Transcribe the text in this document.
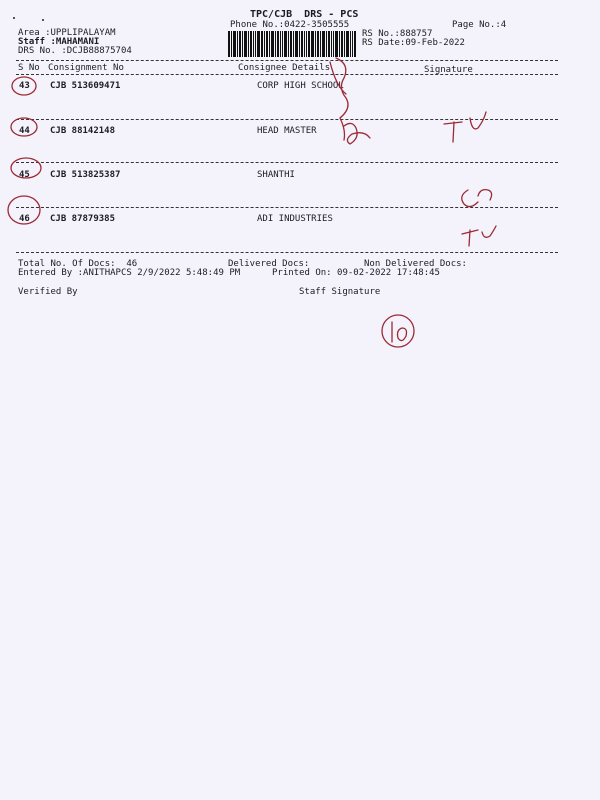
TPC/CJB  DRS - PCS
Phone No.:0422-3505555	Page No.:4
Area :UPPLIPALAYAM
Staff :MAHAMANI
DRS No. :DCJB88875704
RS No.:888757
RS Date:09-Feb-2022
S No Consignment No	Consignee Details	Signature
43 CJB 513609471	CORP HIGH SCHOOL
44 CJB 88142148	HEAD MASTER
45 CJB 513825387	SHANTHI
46 CJB 87879385	ADI INDUSTRIES
Total No. Of Docs:  46	Delivered Docs:	Non Delivered Docs:
Entered By :ANITHAPCS 2/9/2022 5:48:49 PM	Printed On: 09-02-2022 17:48:45
Verified By	Staff Signature
